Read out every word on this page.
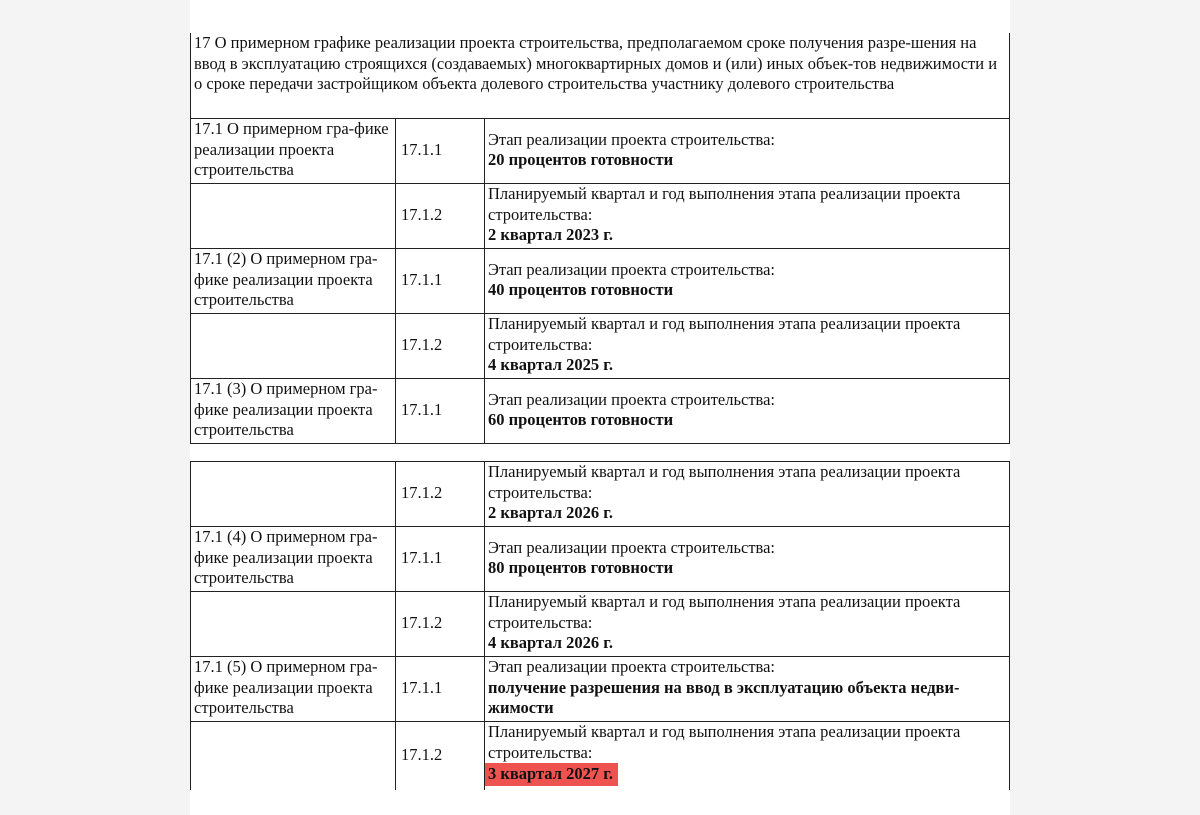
17 О примерном графике реализации проекта строительства, предполагаемом сроке получения разре-шения на ввод в эксплуатацию строящихся (создаваемых) многоквартирных домов и (или) иных объек-тов недвижимости и о сроке передачи застройщиком объекта долевого строительства участнику долевого строительства		
17.1 О примерном гра-фике реализации проекта строительства	17.1.1	Этап реализации проекта строительства:
20 процентов готовности

	17.1.2	Планируемый квартал и год выполнения этапа реализации проекта строительства:
2 квартал 2023 г.

17.1 (2) О примерном гра-фике реализации проекта строительства	17.1.1	Этап реализации проекта строительства:
40 процентов готовности

	17.1.2	Планируемый квартал и год выполнения этапа реализации проекта строительства:
4 квартал 2025 г.

17.1 (3) О примерном гра-фике реализации проекта строительства	17.1.1	Этап реализации проекта строительства:
60 процентов готовности
	17.1.2	Планируемый квартал и год выполнения этапа реализации проекта строительства:
2 квартал 2026 г.

17.1 (4) О примерном гра-фике реализации проекта строительства	17.1.1	Этап реализации проекта строительства:
80 процентов готовности

	17.1.2	Планируемый квартал и год выполнения этапа реализации проекта строительства:
4 квартал 2026 г.

17.1 (5) О примерном гра-фике реализации проекта строительства	17.1.1	Этап реализации проекта строительства:
получение разрешения на ввод в эксплуатацию объекта недви-жимости

	17.1.2	Планируемый квартал и год выполнения этапа реализации проекта строительства:
3 квартал 2027 г.
